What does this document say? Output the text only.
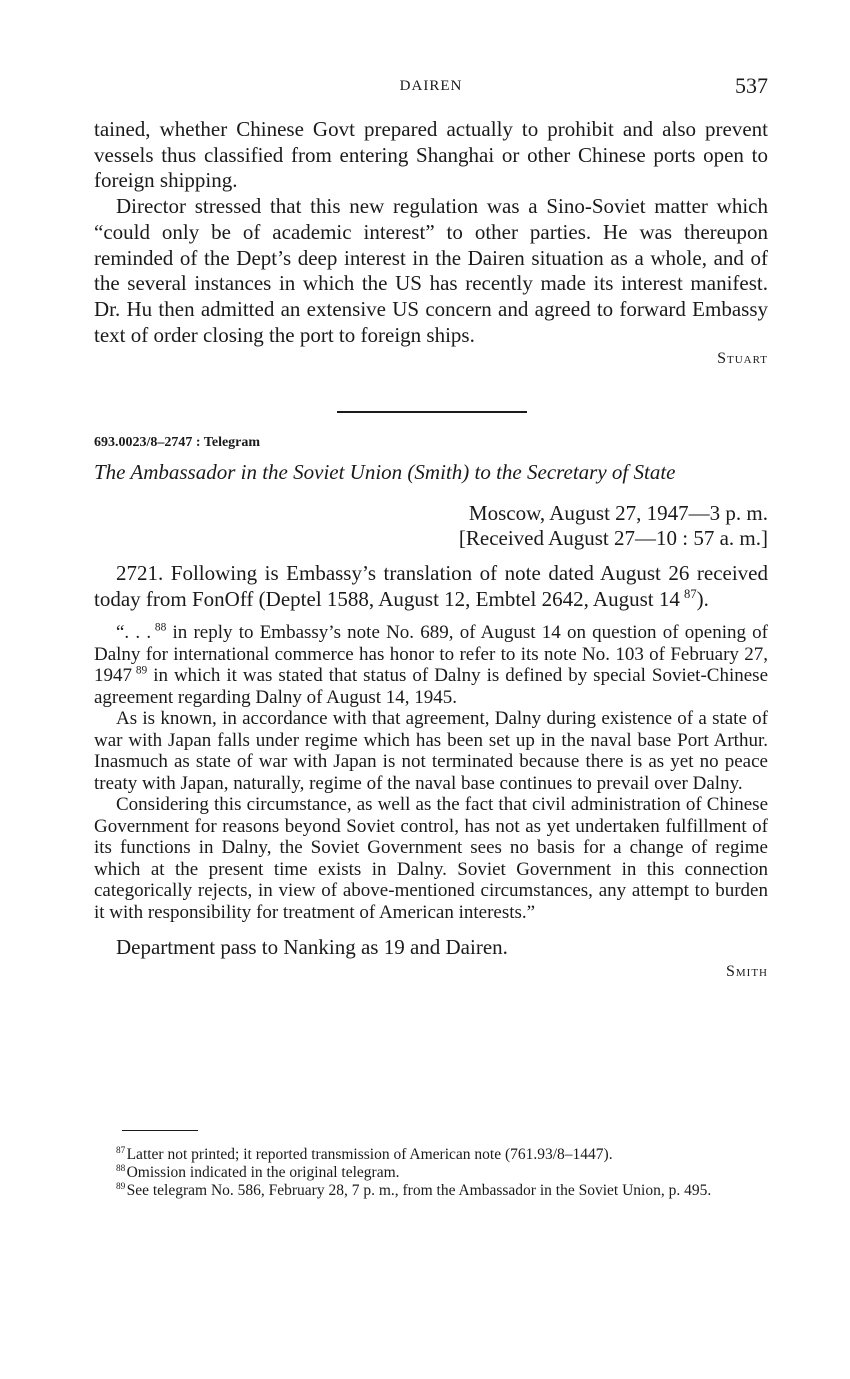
DAIREN	537

tained, whether Chinese Govt prepared actually to prohibit and also prevent vessels thus classified from entering Shanghai or other Chinese ports open to foreign shipping.

Director stressed that this new regulation was a Sino-Soviet matter which “could only be of academic interest” to other parties. He was thereupon reminded of the Dept’s deep interest in the Dairen situation as a whole, and of the several instances in which the US has recently made its interest manifest. Dr. Hu then admitted an extensive US concern and agreed to forward Embassy text of order closing the port to foreign ships.

Stuart
693.0023/8–2747 : Telegram
The Ambassador in the Soviet Union (Smith) to the Secretary of State
Moscow, August 27, 1947—3 p. m.
[Received August 27—10 : 57 a. m.]

2721. Following is Embassy’s translation of note dated August 26 received today from FonOff (Deptel 1588, August 12, Embtel 2642, August 14  $^{87}$).

“. . .  $^{88}$ in reply to Embassy’s note No. 689, of August 14 on question of opening of Dalny for international commerce has honor to refer to its note No. 103 of February 27, 1947  $^{89}$ in which it was stated that status of Dalny is defined by special Soviet-Chinese agreement regarding Dalny of August 14, 1945.

As is known, in accordance with that agreement, Dalny during existence of a state of war with Japan falls under regime which has been set up in the naval base Port Arthur. Inasmuch as state of war with Japan is not terminated because there is as yet no peace treaty with Japan, naturally, regime of the naval base continues to prevail over Dalny.

Considering this circumstance, as well as the fact that civil administration of Chinese Government for reasons beyond Soviet control, has not as yet undertaken fulfillment of its functions in Dalny, the Soviet Government sees no basis for a change of regime which at the present time exists in Dalny. Soviet Government in this connection categorically rejects, in view of above-mentioned circumstances, any attempt to burden it with responsibility for treatment of American interests.”

Department pass to Nanking as 19 and Dairen.

Smith

$^{87}$ Latter not printed; it reported transmission of American note (761.93/8–1447).

$^{88}$ Omission indicated in the original telegram.

$^{89}$ See telegram No. 586, February 28, 7 p. m., from the Ambassador in the Soviet Union, p. 495.
